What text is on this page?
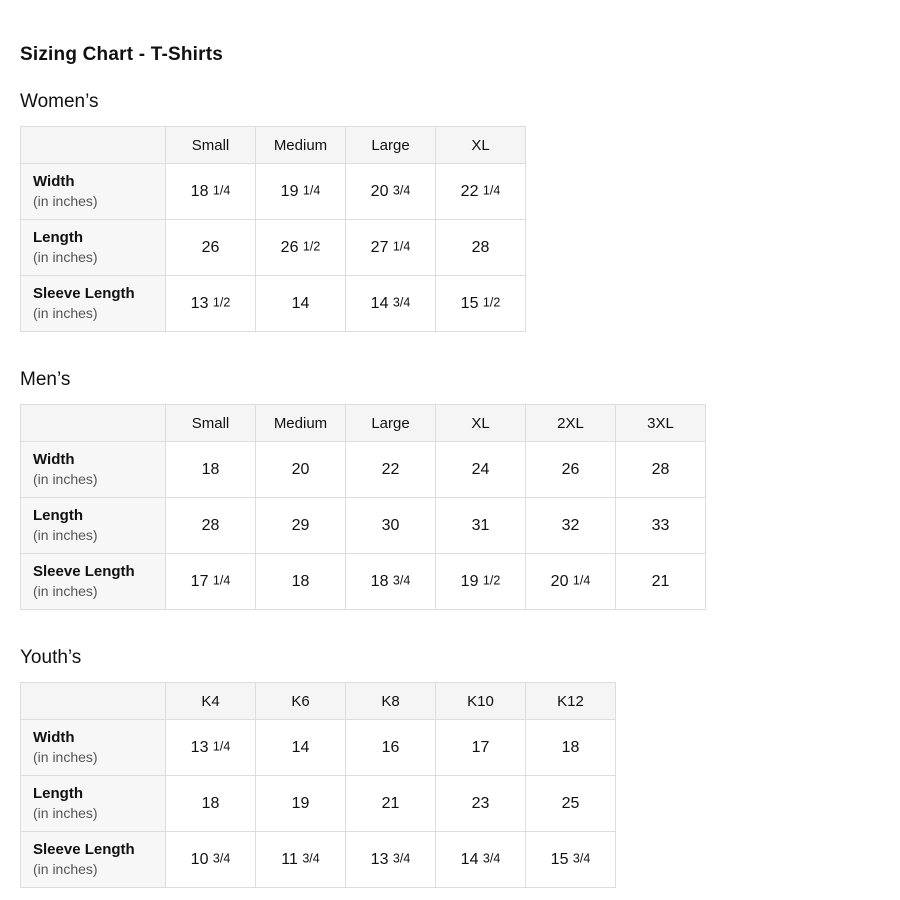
Sizing Chart - T-Shirts
Women’s
	Small	Medium	Large	XL

Width
(in inches)	18 1/4	19 1/4	20 3/4	22 1/4

Length
(in inches)	26	26 1/2	27 1/4	28

Sleeve Length
(in inches)	13 1/2	14	14 3/4	15 1/2
Men’s
	Small	Medium	Large	XL	2XL	3XL

Width
(in inches)	18	20	22	24	26	28

Length
(in inches)	28	29	30	31	32	33

Sleeve Length
(in inches)	17 1/4	18	18 3/4	19 1/2	20 1/4	21
Youth’s
	K4	K6	K8	K10	K12

Width
(in inches)	13 1/4	14	16	17	18

Length
(in inches)	18	19	21	23	25

Sleeve Length
(in inches)	10 3/4	11 3/4	13 3/4	14 3/4	15 3/4
